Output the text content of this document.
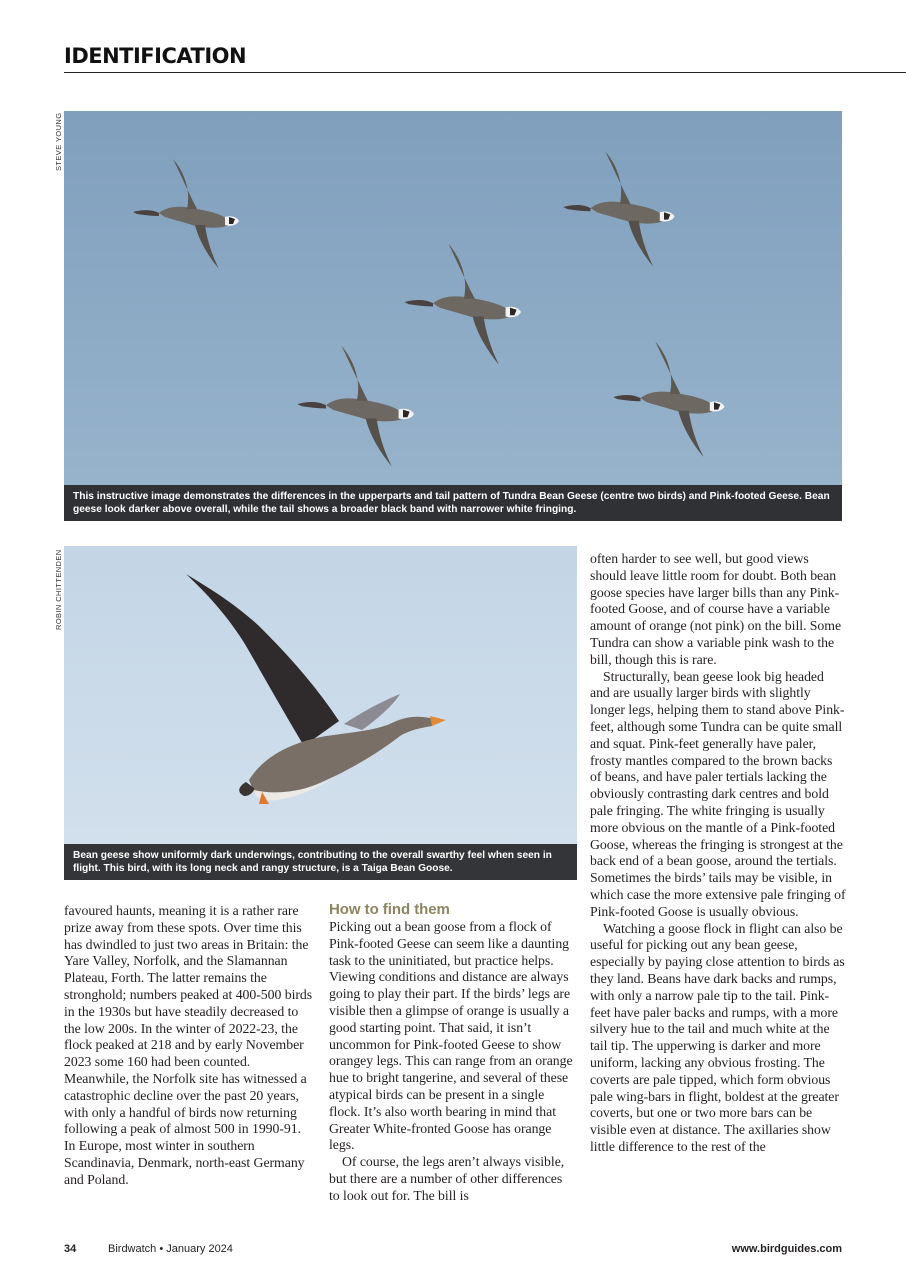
IDENTIFICATION
STEVE YOUNG
This instructive image demonstrates the differences in the upperparts and tail pattern of Tundra Bean Geese (centre two birds) and Pink-footed Geese. Bean geese look darker above overall, while the tail shows a broader black band with narrower white fringing.
ROBIN CHITTENDEN
Bean geese show uniformly dark underwings, contributing to the overall swarthy feel when seen in flight. This bird, with its long neck and rangy structure, is a Taiga Bean Goose.

favoured haunts, meaning it is a rather rare prize away from these spots. Over time this has dwindled to just two areas in Britain: the Yare Valley, Norfolk, and the Slamannan Plateau, Forth. The latter remains the stronghold; numbers peaked at 400-500 birds in the 1930s but have steadily decreased to the low 200s. In the winter of 2022-23, the flock peaked at 218 and by early November 2023 some 160 had been counted. Meanwhile, the Norfolk site has witnessed a catastrophic decline over the past 20 years, with only a handful of birds now returning following a peak of almost 500 in 1990-91. In Europe, most winter in southern Scandinavia, Denmark, north-east Germany and Poland.

How to find them

Picking out a bean goose from a flock of Pink-footed Geese can seem like a daunting task to the uninitiated, but practice helps. Viewing conditions and distance are always going to play their part. If the birds’ legs are visible then a glimpse of orange is usually a good starting point. That said, it isn’t uncommon for Pink-footed Geese to show orangey legs. This can range from an orange hue to bright tangerine, and several of these atypical birds can be present in a single flock. It’s also worth bearing in mind that Greater White-fronted Goose has orange legs.

Of course, the legs aren’t always visible, but there are a number of other differences to look out for. The bill is

often harder to see well, but good views should leave little room for doubt. Both bean goose species have larger bills than any Pink-footed Goose, and of course have a variable amount of orange (not pink) on the bill. Some Tundra can show a variable pink wash to the bill, though this is rare.

Structurally, bean geese look big headed and are usually larger birds with slightly longer legs, helping them to stand above Pink-feet, although some Tundra can be quite small and squat. Pink-feet generally have paler, frosty mantles compared to the brown backs of beans, and have paler tertials lacking the obviously contrasting dark centres and bold pale fringing. The white fringing is usually more obvious on the mantle of a Pink-footed Goose, whereas the fringing is strongest at the back end of a bean goose, around the tertials. Sometimes the birds’ tails may be visible, in which case the more extensive pale fringing of Pink-footed Goose is usually obvious.

Watching a goose flock in flight can also be useful for picking out any bean geese, especially by paying close attention to birds as they land. Beans have dark backs and rumps, with only a narrow pale tip to the tail. Pink-feet have paler backs and rumps, with a more silvery hue to the tail and much white at the tail tip. The upperwing is darker and more uniform, lacking any obvious frosting. The coverts are pale tipped, which form obvious pale wing-bars in flight, boldest at the greater coverts, but one or two more bars can be visible even at distance. The axillaries show little difference to the rest of the

34	Birdwatch • January 2024	www.birdguides.com
